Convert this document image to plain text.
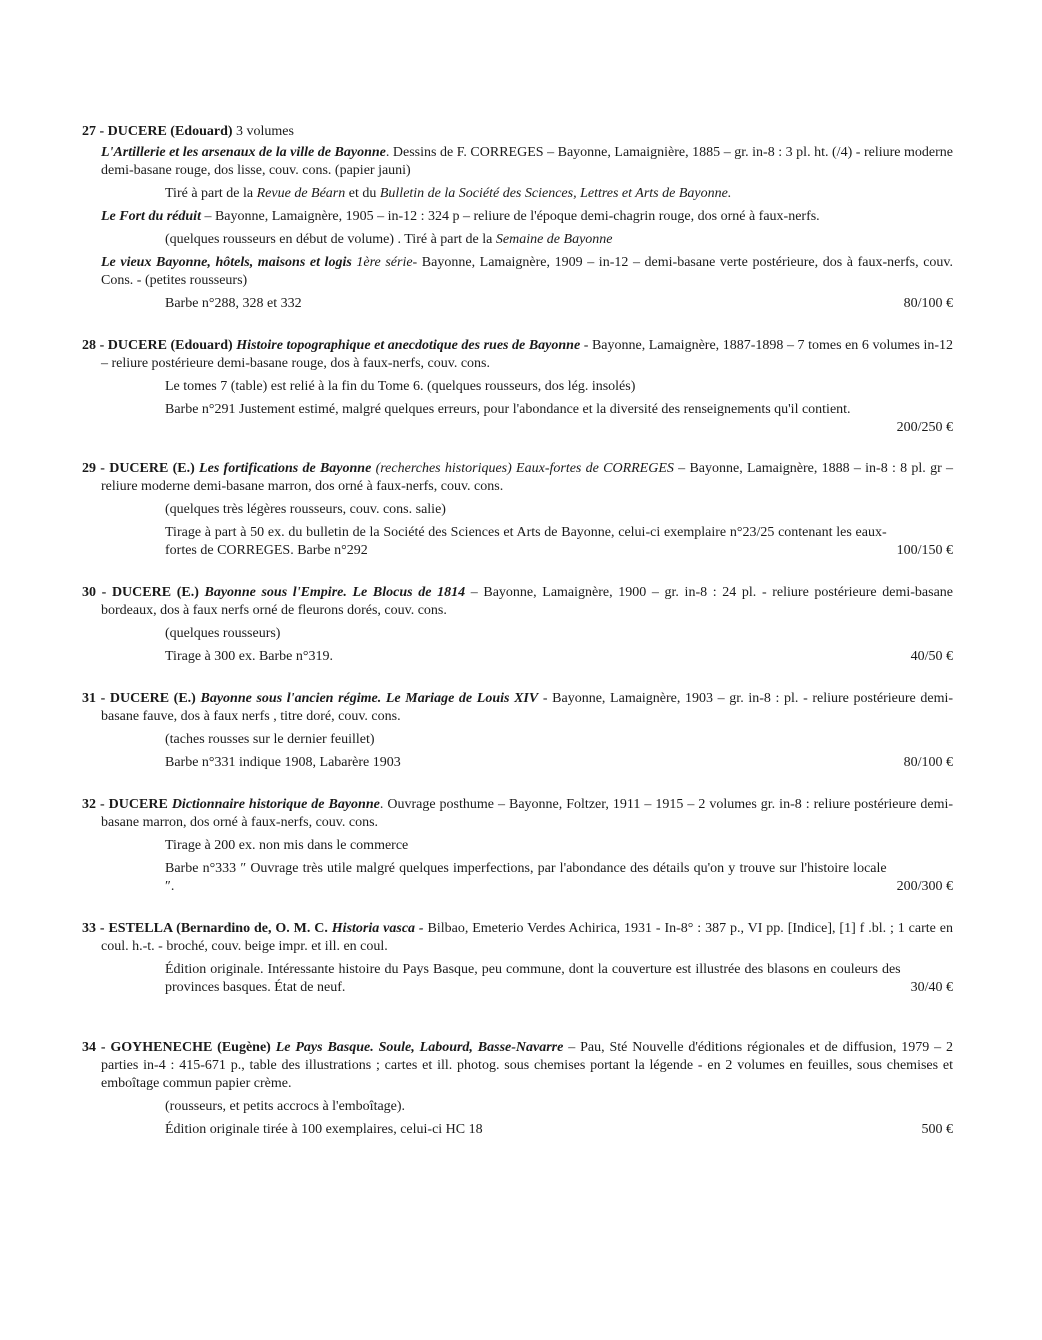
27 - DUCERE (Edouard) 3 volumes
L'Artillerie et les arsenaux de la ville de Bayonne. Dessins de F. CORREGES – Bayonne, Lamaignière, 1885 – gr. in-8 : 3 pl. ht. (/4) - reliure moderne demi-basane rouge, dos lisse, couv. cons. (papier jauni)
Tiré à part de la Revue de Béarn et du Bulletin de la Société des Sciences, Lettres et Arts de Bayonne.
Le Fort du réduit – Bayonne, Lamaignère, 1905 – in-12 : 324 p – reliure de l'époque demi-chagrin rouge, dos orné à faux-nerfs.
(quelques rousseurs en début de volume) . Tiré à part de la Semaine de Bayonne
Le vieux Bayonne, hôtels, maisons et logis 1ère série- Bayonne, Lamaignère, 1909 – in-12 – demi-basane verte postérieure, dos à faux-nerfs, couv. Cons. - (petites rousseurs)
Barbe n°288, 328 et 332	80/100 €
28 - DUCERE (Edouard) Histoire topographique et anecdotique des rues de Bayonne - Bayonne, Lamaignère, 1887-1898 – 7 tomes en 6 volumes in-12 – reliure postérieure demi-basane rouge, dos à faux-nerfs, couv. cons.
Le tomes 7 (table) est relié à la fin du Tome 6. (quelques rousseurs, dos lég. insolés)
Barbe n°291 Justement estimé, malgré quelques erreurs, pour l'abondance et la diversité des renseignements qu'il contient.
200/250 €
29 - DUCERE (E.) Les fortifications de Bayonne (recherches historiques) Eaux-fortes de CORREGES – Bayonne, Lamaignère, 1888 – in-8 : 8 pl. gr – reliure moderne demi-basane marron, dos orné à faux-nerfs, couv. cons.
(quelques très légères rousseurs, couv. cons. salie)
Tirage à part à 50 ex. du bulletin de la Société des Sciences et Arts de Bayonne, celui-ci exemplaire n°23/25 contenant les eaux-fortes de CORREGES. Barbe n°292	100/150 €
30 - DUCERE (E.) Bayonne sous l'Empire. Le Blocus de 1814 – Bayonne, Lamaignère, 1900 – gr. in-8 : 24 pl. - reliure postérieure demi-basane bordeaux, dos à faux nerfs orné de fleurons dorés, couv. cons.
(quelques rousseurs)
Tirage à 300 ex. Barbe n°319.	40/50 €
31 - DUCERE (E.) Bayonne sous l'ancien régime. Le Mariage de Louis XIV - Bayonne, Lamaignère, 1903 – gr. in-8 : pl. - reliure postérieure demi-basane fauve, dos à faux nerfs , titre doré, couv. cons.
(taches rousses sur le dernier feuillet)
Barbe n°331 indique 1908, Labarère 1903	80/100 €
32 - DUCERE Dictionnaire historique de Bayonne. Ouvrage posthume – Bayonne, Foltzer, 1911 – 1915 – 2 volumes gr. in-8 : reliure postérieure demi-basane marron, dos orné à faux-nerfs, couv. cons.
Tirage à 200 ex. non mis dans le commerce
Barbe n°333 ″ Ouvrage très utile malgré quelques imperfections, par l'abondance des détails qu'on y trouve sur l'histoire locale ″.	200/300 €
33 - ESTELLA (Bernardino de, O. M. C. Historia vasca - Bilbao, Emeterio Verdes Achirica, 1931 - In-8° : 387 p., VI pp. [Indice], [1] f .bl. ; 1 carte en coul. h.-t. - broché, couv. beige impr. et ill. en coul.
Édition originale. Intéressante histoire du Pays Basque, peu commune, dont la couverture est illustrée des blasons en couleurs des provinces basques. État de neuf.	30/40 €
34 - GOYHENECHE (Eugène) Le Pays Basque. Soule, Labourd, Basse-Navarre – Pau, Sté Nouvelle d'éditions régionales et de diffusion, 1979 – 2 parties in-4 : 415-671 p., table des illustrations ; cartes et ill. photog. sous chemises portant la légende - en 2 volumes en feuilles, sous chemises et emboîtage commun papier crème.
(rousseurs, et petits accrocs à l'emboîtage).
Édition originale tirée à 100 exemplaires, celui-ci HC 18	500 €
